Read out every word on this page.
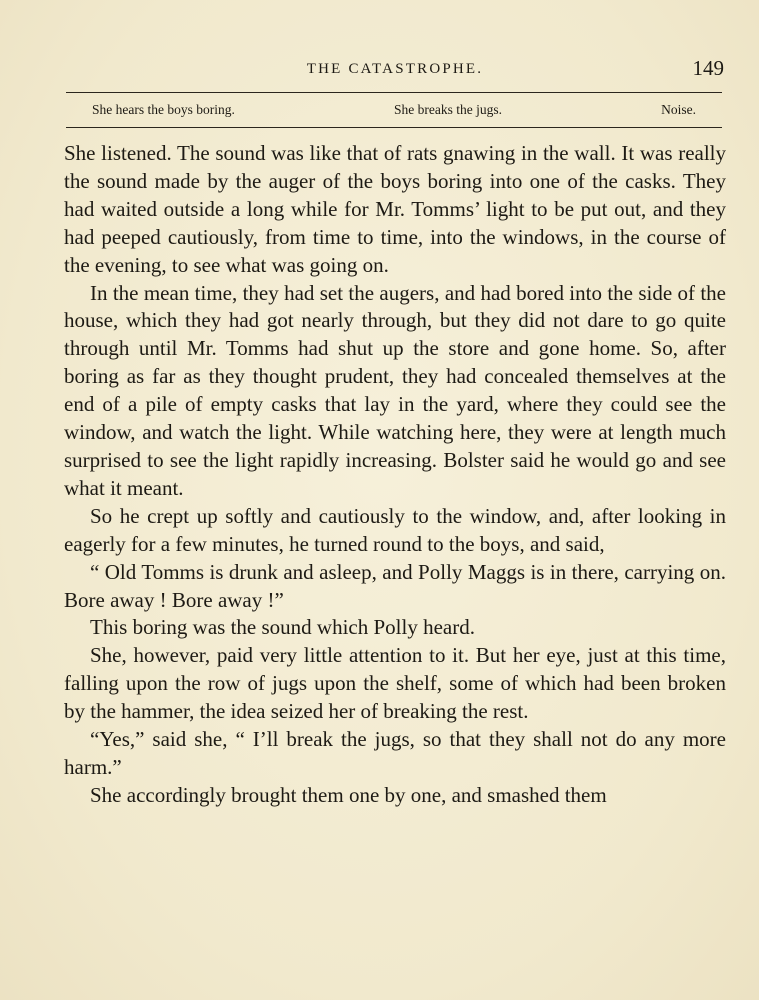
THE CATASTROPHE.	149
She hears the boys boring.	She breaks the jugs.	Noise.

She listened. The sound was like that of rats gnawing in the wall. It was really the sound made by the auger of the boys boring into one of the casks. They had waited outside a long while for Mr. Tomms’ light to be put out, and they had peeped cautiously, from time to time, into the windows, in the course of the evening, to see what was going on.

In the mean time, they had set the augers, and had bored into the side of the house, which they had got nearly through, but they did not dare to go quite through until Mr. Tomms had shut up the store and gone home. So, after boring as far as they thought prudent, they had concealed themselves at the end of a pile of empty casks that lay in the yard, where they could see the window, and watch the light. While watching here, they were at length much surprised to see the light rapidly increasing. Bolster said he would go and see what it meant.

So he crept up softly and cautiously to the window, and, after looking in eagerly for a few minutes, he turned round to the boys, and said,

“ Old Tomms is drunk and asleep, and Polly Maggs is in there, carrying on. Bore away ! Bore away !”

This boring was the sound which Polly heard.

She, however, paid very little attention to it. But her eye, just at this time, falling upon the row of jugs upon the shelf, some of which had been broken by the hammer, the idea seized her of breaking the rest.

“Yes,” said she, “ I’ll break the jugs, so that they shall not do any more harm.”

She accordingly brought them one by one, and smashed them
